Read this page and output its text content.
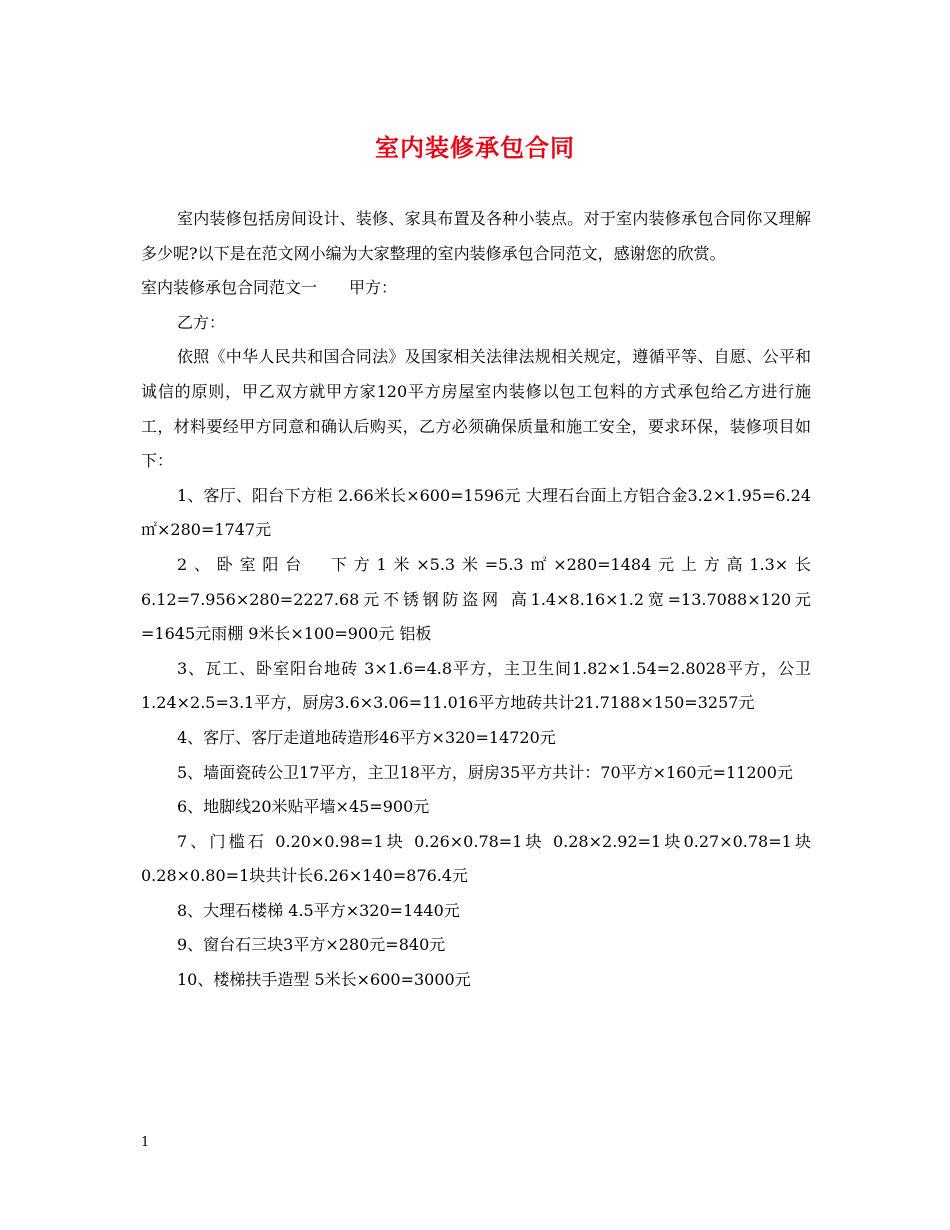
室内装修承包合同

室内装修包括房间设计、装修、家具布置及各种小装点。对于室内装修承包合同你又理解多少呢?以下是在范文网小编为大家整理的室内装修承包合同范文，感谢您的欣赏。

室内装修承包合同范文一　　甲方：

乙方：

依照《中华人民共和国合同法》及国家相关法律法规相关规定，遵循平等、自愿、公平和诚信的原则，甲乙双方就甲方家120平方房屋室内装修以包工包料的方式承包给乙方进行施工，材料要经甲方同意和确认后购买，乙方必须确保质量和施工安全，要求环保，装修项目如下：

1、客厅、阳台下方柜 2.66米长×600=1596元 大理石台面上方铝合金3.2×1.95=6.24㎡×280=1747元

2、卧室阳台　下方1米×5.3米=5.3㎡×280=1484元上方高1.3×长6.12=7.956×280=2227.68元不锈钢防盗网 高1.4×8.16×1.2宽=13.7088×120元=1645元雨棚 9米长×100=900元 铝板

3、瓦工、卧室阳台地砖 3×1.6=4.8平方，主卫生间1.82×1.54=2.8028平方，公卫1.24×2.5=3.1平方，厨房3.6×3.06=11.016平方地砖共计21.7188×150=3257元

4、客厅、客厅走道地砖造形46平方×320=14720元

5、墙面瓷砖公卫17平方，主卫18平方，厨房35平方共计：70平方×160元=11200元

6、地脚线20米贴平墙×45=900元

7、门槛石 0.20×0.98=1块 0.26×0.78=1块 0.28×2.92=1块0.27×0.78=1块 0.28×0.80=1块共计长6.26×140=876.4元

8、大理石楼梯 4.5平方×320=1440元

9、窗台石三块3平方×280元=840元

10、楼梯扶手造型 5米长×600=3000元

1
